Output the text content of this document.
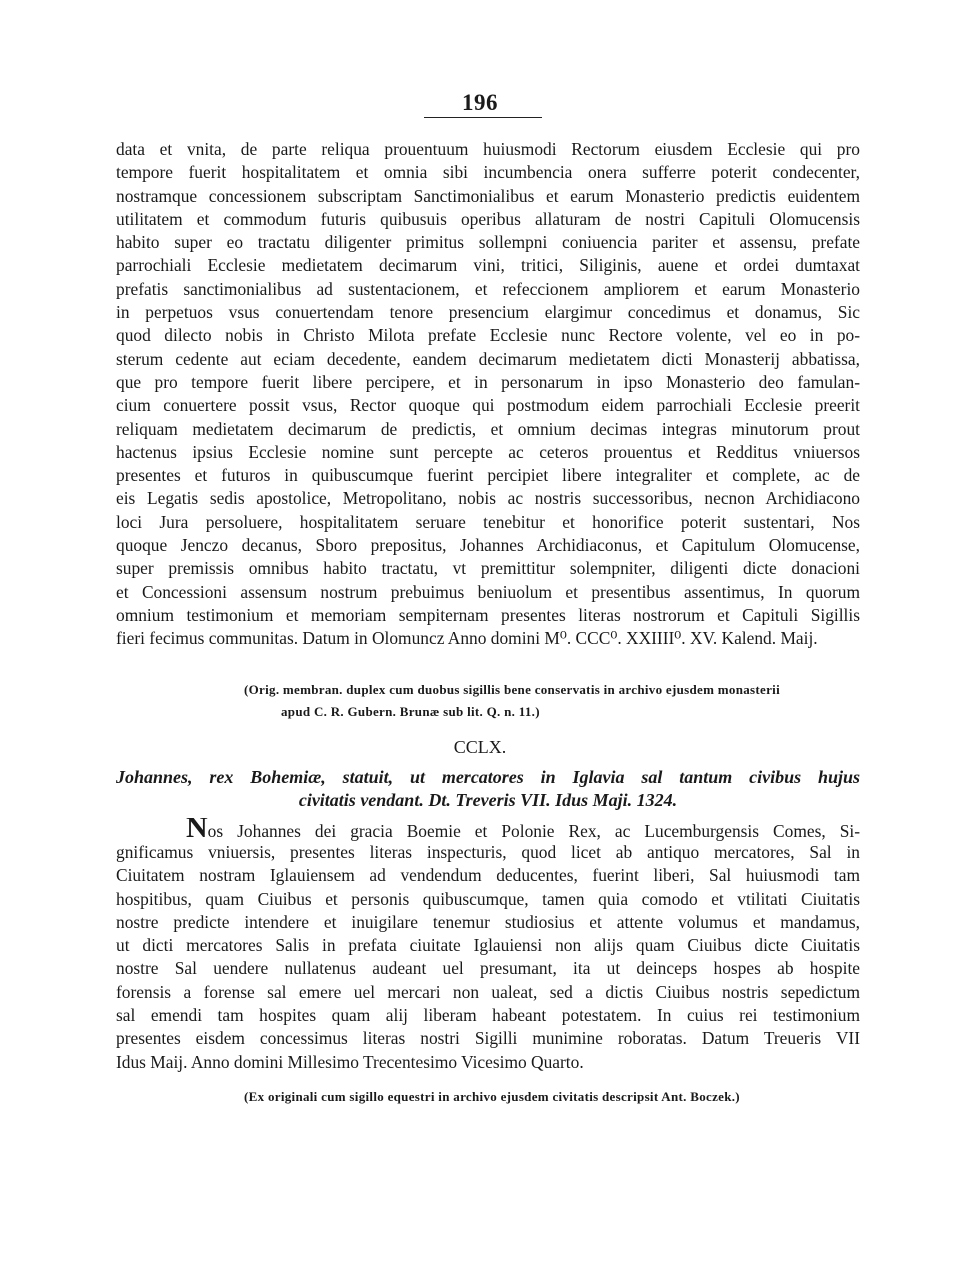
196
data et vnita, de parte reliqua prouentuum huiusmodi Rectorum eiusdem Ecclesie qui pro
tempore fuerit hospitalitatem et omnia sibi incumbencia onera sufferre poterit condecenter,
nostramque concessionem subscriptam Sanctimonialibus et earum Monasterio predictis euidentem
utilitatem et commodum futuris quibusuis operibus allaturam de nostri Capituli Olomucensis
habito super eo tractatu diligenter primitus sollempni coniuencia pariter et assensu, prefate
parrochiali Ecclesie medietatem decimarum vini, tritici, Siliginis, auene et ordei dumtaxat
prefatis sanctimonialibus ad sustentacionem, et refeccionem ampliorem et earum Monasterio
in perpetuos vsus conuertendam tenore presencium elargimur concedimus et donamus, Sic
quod dilecto nobis in Christo Milota prefate Ecclesie nunc Rectore volente, vel eo in po-
sterum cedente aut eciam decedente, eandem decimarum medietatem dicti Monasterij abbatissa,
que pro tempore fuerit libere percipere, et in personarum in ipso Monasterio deo famulan-
cium conuertere possit vsus, Rector quoque qui postmodum eidem parrochiali Ecclesie preerit
reliquam medietatem decimarum de predictis, et omnium decimas integras minutorum prout
hactenus ipsius Ecclesie nomine sunt percepte ac ceteros prouentus et Redditus vniuersos
presentes et futuros in quibuscumque fuerint percipiet libere integraliter et complete, ac de
eis Legatis sedis apostolice, Metropolitano, nobis ac nostris successoribus, necnon Archidiacono
loci Jura persoluere, hospitalitatem seruare tenebitur et honorifice poterit sustentari, Nos
quoque Jenczo decanus, Sboro prepositus, Johannes Archidiaconus, et Capitulum Olomucense,
super premissis omnibus habito tractatu, vt premittitur solempniter, diligenti dicte donacioni
et Concessioni assensum nostrum prebuimus beniuolum et presentibus assentimus, In quorum
omnium testimonium et memoriam sempiternam presentes literas nostrorum et Capituli Sigillis
fieri fecimus communitas. Datum in Olomuncz Anno domini M⁰. CCC⁰. XXIIII⁰. XV. Kalend. Maij.
(Orig. membran. duplex cum duobus sigillis bene conservatis in archivo ejusdem monasterii
apud C. R. Gubern. Brunæ sub lit. Q. n. 11.)
CCLX.
Johannes, rex Bohemiæ, statuit, ut mercatores in Iglavia sal tantum civibus hujus
civitatis vendant. Dt. Treveris VII. Idus Maji. 1324.
Nos Johannes dei gracia Boemie et Polonie Rex, ac Lucemburgensis Comes, Si-
gnificamus vniuersis, presentes literas inspecturis, quod licet ab antiquo mercatores, Sal in
Ciuitatem nostram Iglauiensem ad vendendum deducentes, fuerint liberi, Sal huiusmodi tam
hospitibus, quam Ciuibus et personis quibuscumque, tamen quia comodo et vtilitati Ciuitatis
nostre predicte intendere et inuigilare tenemur studiosius et attente volumus et mandamus,
ut dicti mercatores Salis in prefata ciuitate Iglauiensi non alijs quam Ciuibus dicte Ciuitatis
nostre Sal uendere nullatenus audeant uel presumant, ita ut deinceps hospes ab hospite
forensis a forense sal emere uel mercari non ualeat, sed a dictis Ciuibus nostris sepedictum
sal emendi tam hospites quam alij liberam habeant potestatem. In cuius rei testimonium
presentes eisdem concessimus literas nostri Sigilli munimine roboratas. Datum Treueris VII
Idus Maij. Anno domini Millesimo Trecentesimo Vicesimo Quarto.
(Ex originali cum sigillo equestri in archivo ejusdem civitatis descripsit Ant. Boczek.)
